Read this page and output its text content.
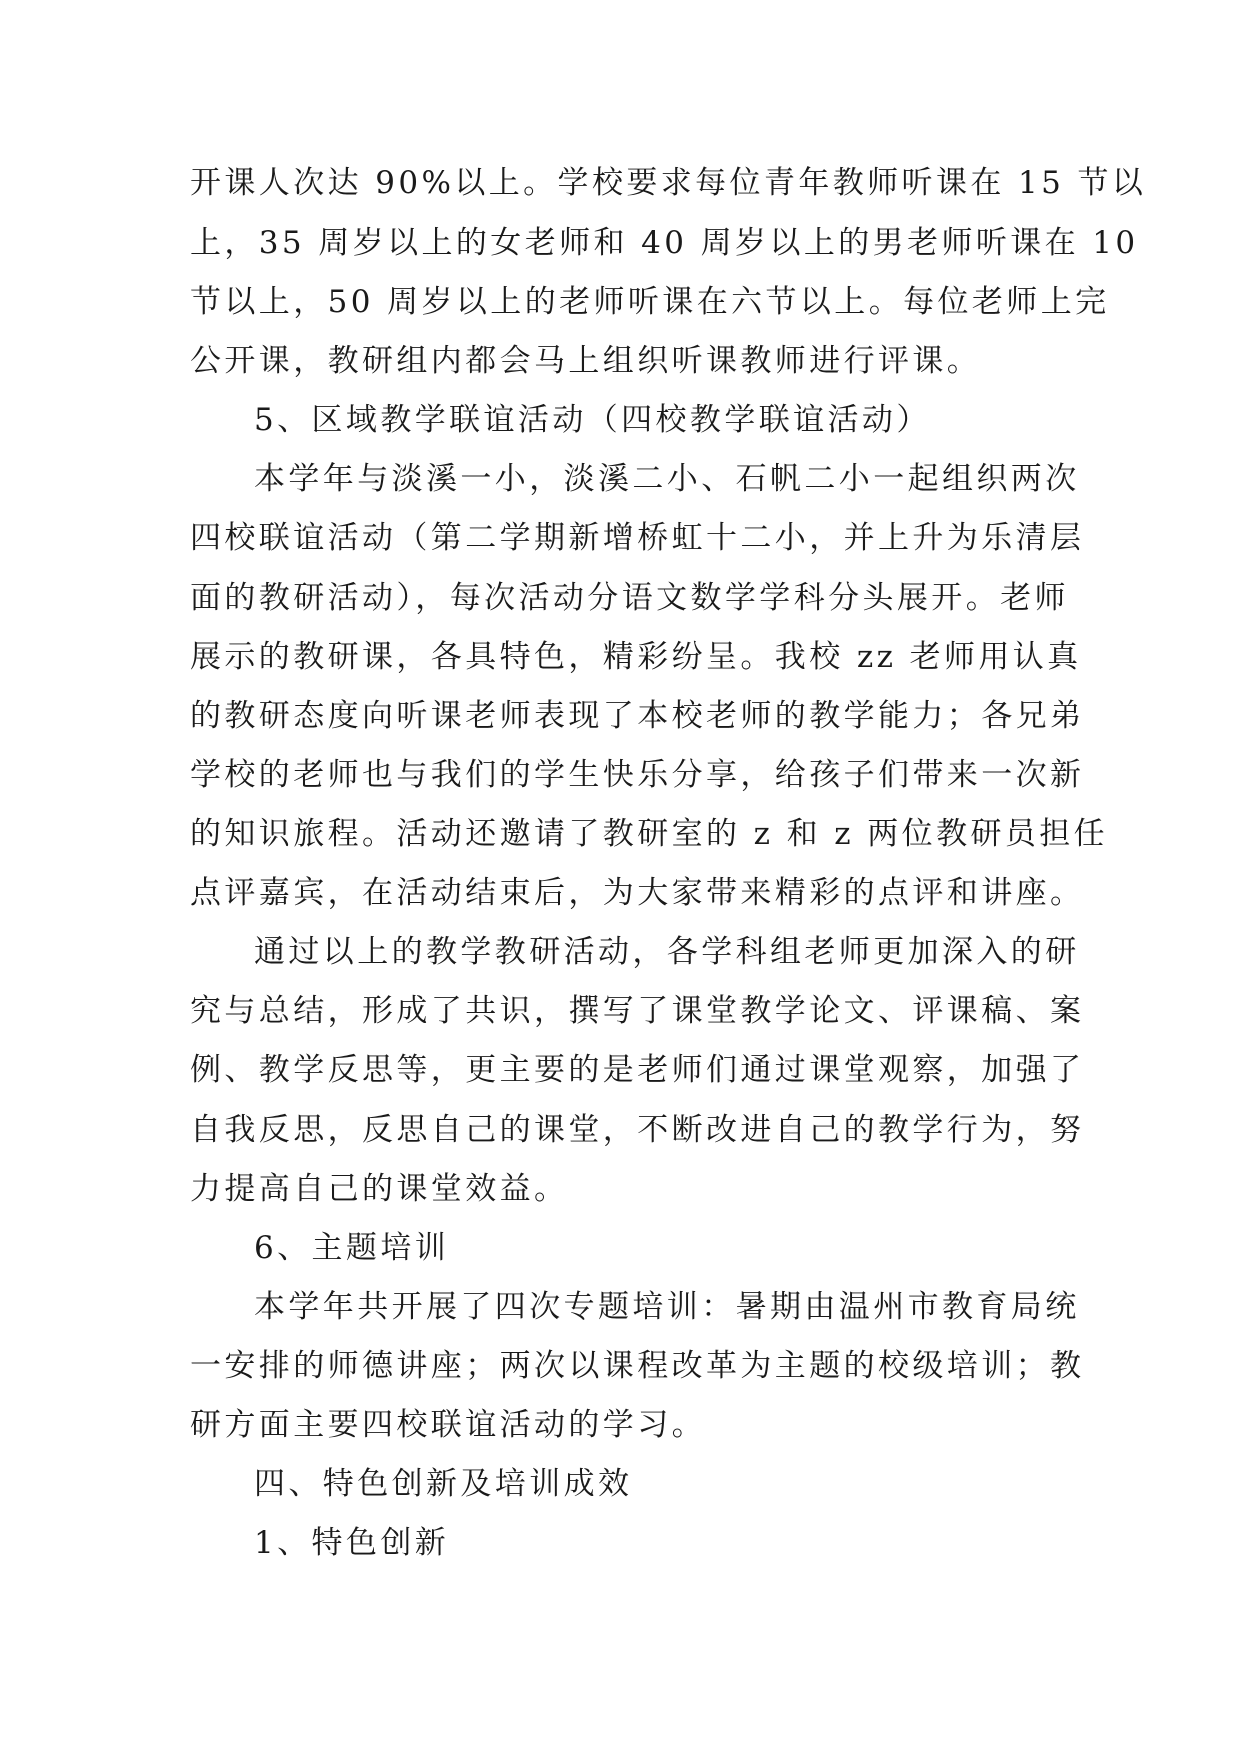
开课人次达 90%以上。学校要求每位青年教师听课在 15 节以
上，35 周岁以上的女老师和 40 周岁以上的男老师听课在 10
节以上，50 周岁以上的老师听课在六节以上。每位老师上完
公开课，教研组内都会马上组织听课教师进行评课。
5、区域教学联谊活动（四校教学联谊活动）
本学年与淡溪一小，淡溪二小、石帆二小一起组织两次
四校联谊活动（第二学期新增桥虹十二小，并上升为乐清层
面的教研活动），每次活动分语文数学学科分头展开。老师
展示的教研课，各具特色，精彩纷呈。我校 zz 老师用认真
的教研态度向听课老师表现了本校老师的教学能力；各兄弟
学校的老师也与我们的学生快乐分享，给孩子们带来一次新
的知识旅程。活动还邀请了教研室的 z 和 z 两位教研员担任
点评嘉宾，在活动结束后，为大家带来精彩的点评和讲座。
通过以上的教学教研活动，各学科组老师更加深入的研
究与总结，形成了共识，撰写了课堂教学论文、评课稿、案
例、教学反思等，更主要的是老师们通过课堂观察，加强了
自我反思，反思自己的课堂，不断改进自己的教学行为，努
力提高自己的课堂效益。
6、主题培训
本学年共开展了四次专题培训：暑期由温州市教育局统
一安排的师德讲座；两次以课程改革为主题的校级培训；教
研方面主要四校联谊活动的学习。
四、特色创新及培训成效
1、特色创新
